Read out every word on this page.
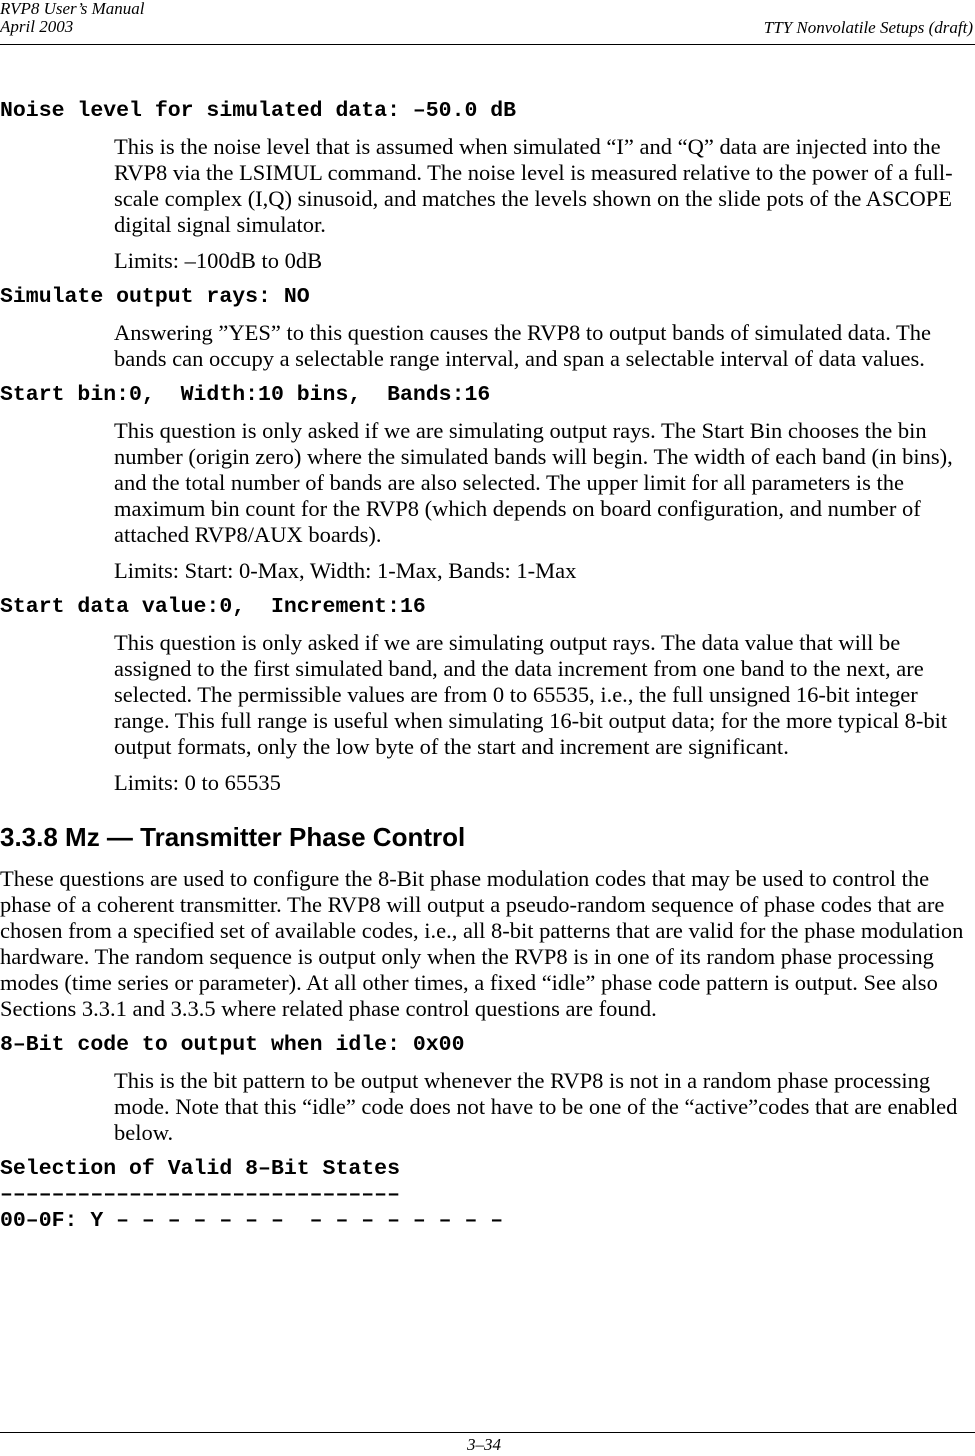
RVP8 User’s Manual
April 2003	TTY Nonvolatile Setups (draft)

Noise level for simulated data: –50.0 dB

This is the noise level that is assumed when simulated “I” and “Q” data are injected into the RVP8 via the LSIMUL command. The noise level is measured relative to the power of a full-scale complex (I,Q) sinusoid, and matches the levels shown on the slide pots of the ASCOPE digital signal simulator.

Limits: –100dB to 0dB

Simulate output rays: NO

Answering ”YES” to this question causes the RVP8 to output bands of simulated data. The bands can occupy a selectable range interval, and span a selectable interval of data values.

Start bin:0,  Width:10 bins,  Bands:16

This question is only asked if we are simulating output rays. The Start Bin chooses the bin number (origin zero) where the simulated bands will begin. The width of each band (in bins), and the total number of bands are also selected. The upper limit for all parameters is the maximum bin count for the RVP8 (which depends on board configuration, and number of attached RVP8/AUX boards).

Limits: Start: 0-Max, Width: 1-Max, Bands: 1-Max

Start data value:0,  Increment:16

This question is only asked if we are simulating output rays. The data value that will be assigned to the first simulated band, and the data increment from one band to the next, are selected. The permissible values are from 0 to 65535, i.e., the full unsigned 16-bit integer range. This full range is useful when simulating 16-bit output data; for the more typical 8-bit output formats, only the low byte of the start and increment are significant.

Limits: 0 to 65535

3.3.8 Mz — Transmitter Phase Control

These questions are used to configure the 8-Bit phase modulation codes that may be used to control the phase of a coherent transmitter. The RVP8 will output a pseudo-random sequence of phase codes that are chosen from a specified set of available codes, i.e., all 8-bit patterns that are valid for the phase modulation hardware. The random sequence is output only when the RVP8 is in one of its random phase processing modes (time series or parameter). At all other times, a fixed “idle” phase code pattern is output. See also Sections 3.3.1 and 3.3.5 where related phase control questions are found.

8–Bit code to output when idle: 0x00

This is the bit pattern to be output whenever the RVP8 is not in a random phase processing mode. Note that this “idle” code does not have to be one of the “active”codes that are enabled below.

Selection of Valid 8–Bit States

–––––––––––––––––––––––––––––––

00–0F: Y – – – – – – –  – – – – – – – –

3–34
